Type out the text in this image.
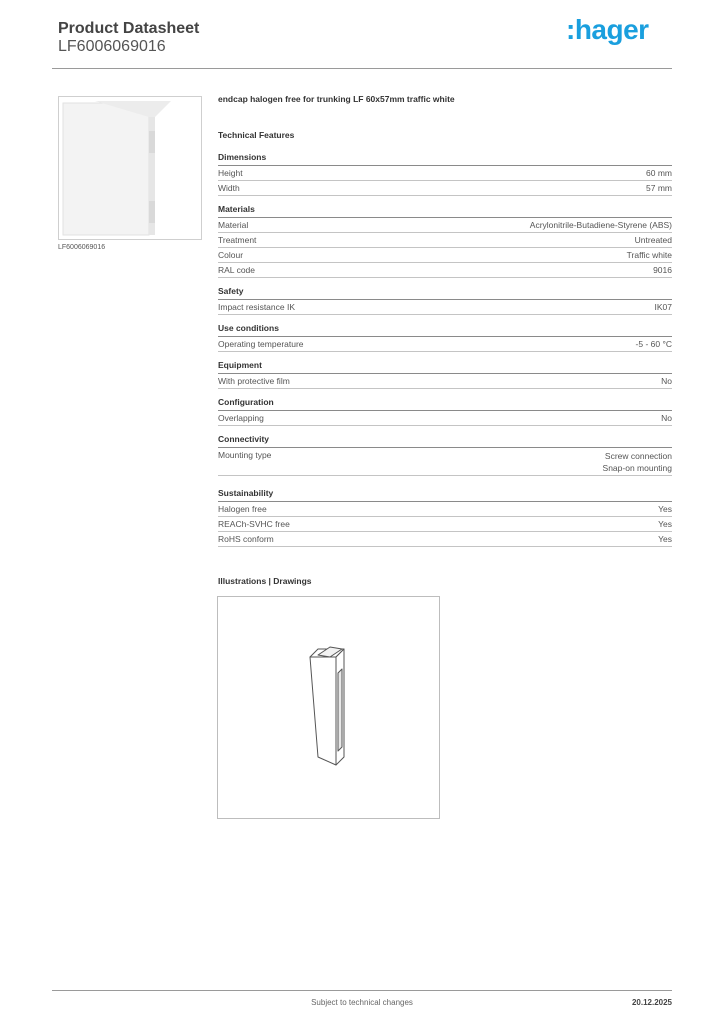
Product Datasheet
LF6006069016
:hager
LF6006069016
endcap halogen free for trunking LF 60x57mm traffic white
Technical Features
Dimensions
Height	60 mm
Width	57 mm
Materials
Material	Acrylonitrile-Butadiene-Styrene (ABS)
Treatment	Untreated
Colour	Traffic white
RAL code	9016
Safety
Impact resistance IK	IK07
Use conditions
Operating temperature	-5 - 60 °C
Equipment
With protective film	No
Configuration
Overlapping	No
Connectivity
Mounting type	Screw connection
Snap-on mounting
Sustainability
Halogen free	Yes
REACh-SVHC free	Yes
RoHS conform	Yes
Illustrations | Drawings
Subject to technical changes	20.12.2025
